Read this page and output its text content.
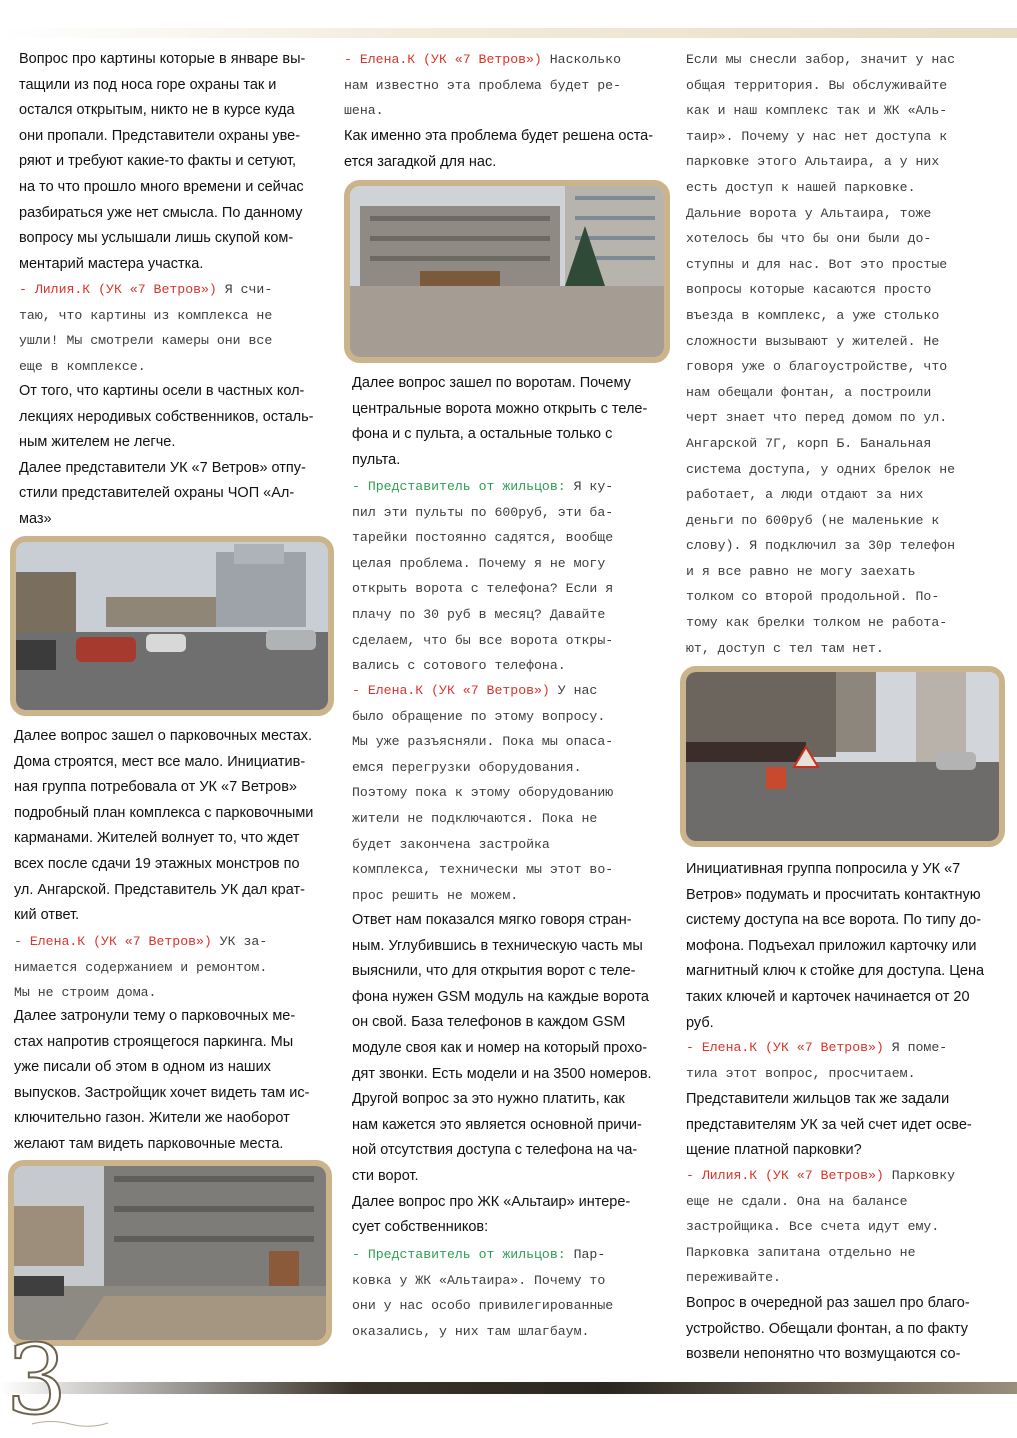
Вопрос про картины которые в январе вы-
тащили из под носа горе охраны так и
остался открытым, никто не в курсе куда
они пропали. Представители охраны уве-
ряют и требуют какие-то факты и сетуют,
на то что прошло много времени и сейчас
разбираться уже нет смысла. По данному
вопросу мы услышали лишь скупой ком-
ментарий мастера участка.
- Лилия.К (УК «7 Ветров») Я счи-
таю, что картины из комплекса не
ушли! Мы смотрели камеры они все
еще в комплексе.
От того, что картины осели в частных кол-
лекциях неродивых собственников, осталь-
ным жителем не легче.
Далее представители УК «7 Ветров» отпу-
стили представителей охраны ЧОП «Ал-
маз»
Далее вопрос зашел о парковочных местах.
Дома строятся, мест все мало. Инициатив-
ная группа потребовала от УК «7 Ветров»
подробный план комплекса с парковочными
карманами. Жителей волнует то, что ждет
всех после сдачи 19 этажных монстров по
ул. Ангарской. Представитель УК дал крат-
кий ответ.
- Елена.К (УК «7 Ветров») УК за-
нимается содержанием и ремонтом.
Мы не строим дома.
Далее затронули тему о парковочных ме-
стах напротив строящегося паркинга. Мы
уже писали об этом в одном из наших
выпусков. Застройщик хочет видеть там ис-
ключительно газон. Жители же наоборот
желают там видеть парковочные места.
- Елена.К (УК «7 Ветров») Насколько
нам известно эта проблема будет ре-
шена.
Как именно эта проблема будет решена оста-
ется загадкой для нас.
Далее вопрос зашел по воротам. Почему
центральные ворота можно открыть с теле-
фона и с пульта, а остальные только с
пульта.
- Представитель от жильцов: Я ку-
пил эти пульты по 600руб, эти ба-
тарейки постоянно садятся, вообще
целая проблема. Почему я не могу
открыть ворота с телефона? Если я
плачу по 30 руб в месяц? Давайте
сделаем, что бы все ворота откры-
вались с сотового телефона.
- Елена.К (УК «7 Ветров») У нас
было обращение по этому вопросу.
Мы уже разъясняли. Пока мы опаса-
емся перегрузки оборудования.
Поэтому пока к этому оборудованию
жители не подключаются. Пока не
будет закончена застройка
комплекса, технически мы этот во-
прос решить не можем.
Ответ нам показался мягко говоря стран-
ным. Углубившись в техническую часть мы
выяснили, что для открытия ворот с теле-
фона нужен GSM модуль на каждые ворота
он свой. База телефонов в каждом GSM
модуле своя как и номер на который прохо-
дят звонки. Есть модели и на 3500 номеров.
Другой вопрос за это нужно платить, как
нам кажется это является основной причи-
ной отсутствия доступа с телефона на ча-
сти ворот.
Далее вопрос про ЖК «Альтаир» интере-
сует собственников:
- Представитель от жильцов: Пар-
ковка у ЖК «Альтаира». Почему то
они у нас особо привилегированные
оказались, у них там шлагбаум.
Если мы снесли забор, значит у нас
общая территория. Вы обслуживайте
как и наш комплекс так и ЖК «Аль-
таир». Почему у нас нет доступа к
парковке этого Альтаира, а у них
есть доступ к нашей парковке.
Дальние ворота у Альтаира, тоже
хотелось бы что бы они были до-
ступны и для нас. Вот это простые
вопросы которые касаются просто
въезда в комплекс, а уже столько
сложности вызывают у жителей. Не
говоря уже о благоустройстве, что
нам обещали фонтан, а построили
черт знает что перед домом по ул.
Ангарской 7Г, корп Б. Банальная
система доступа, у одних брелок не
работает, а люди отдают за них
деньги по 600руб (не маленькие к
слову). Я подключил за 30р телефон
и я все равно не могу заехать
толком со второй продольной. По-
тому как брелки толком не работа-
ют, доступ с тел там нет.
Инициативная группа попросила у УК «7
Ветров» подумать и просчитать контактную
систему доступа на все ворота. По типу до-
мофона. Подъехал приложил карточку или
магнитный ключ к стойке для доступа. Цена
таких ключей и карточек начинается от 20
руб.
- Елена.К (УК «7 Ветров») Я поме-
тила этот вопрос, просчитаем.
Представители жильцов так же задали
представителям УК за чей счет идет осве-
щение платной парковки?
- Лилия.К (УК «7 Ветров») Парковку
еще не сдали. Она на балансе
застройщика. Все счета идут ему.
Парковка запитана отдельно не
переживайте.
Вопрос в очередной раз зашел про благо-
устройство. Обещали фонтан, а по факту
возвели непонятно что возмущаются со-
3
